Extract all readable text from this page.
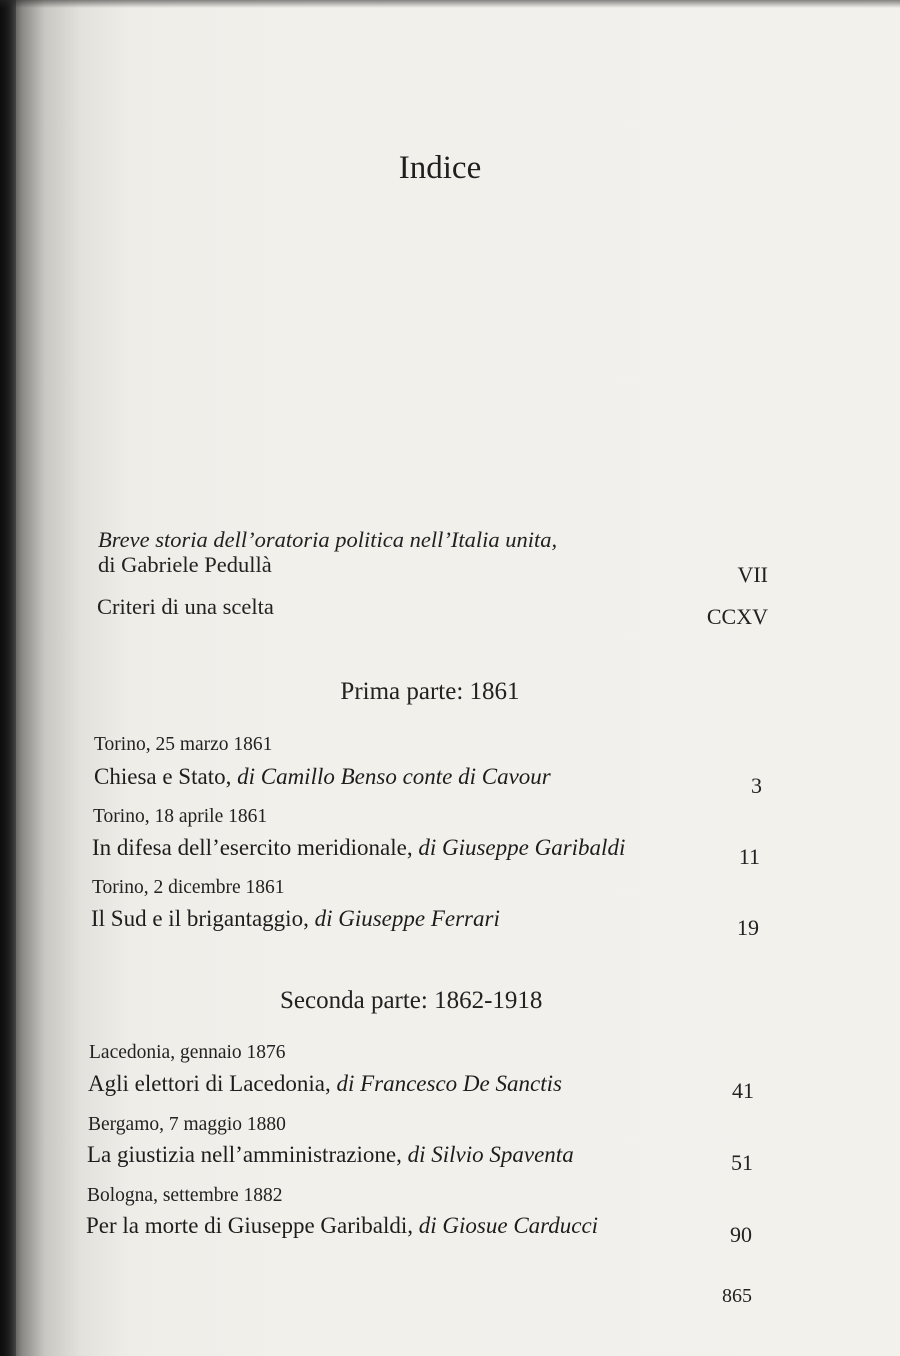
Indice
Breve storia dell’oratoria politica nell’Italia unita,
di Gabriele Pedullà	VII
Criteri di una scelta	CCXV
Prima parte: 1861
Torino, 25 marzo 1861
Chiesa e Stato, di Camillo Benso conte di Cavour	3
Torino, 18 aprile 1861
In difesa dell’esercito meridionale, di Giuseppe Garibaldi	11
Torino, 2 dicembre 1861
Il Sud e il brigantaggio, di Giuseppe Ferrari	19
Seconda parte: 1862-1918
Lacedonia, gennaio 1876
Agli elettori di Lacedonia, di Francesco De Sanctis	41
Bergamo, 7 maggio 1880
La giustizia nell’amministrazione, di Silvio Spaventa	51
Bologna, settembre 1882
Per la morte di Giuseppe Garibaldi, di Giosue Carducci	90
865
